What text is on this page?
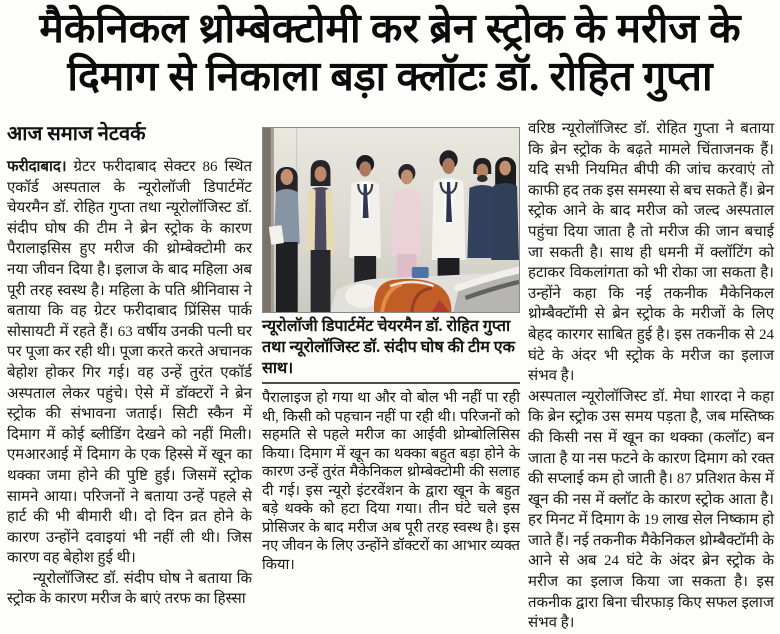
मैकेनिकल थ्रोम्बेक्टोमी कर ब्रेन स्ट्रोक के मरीज के
दिमाग से निकाला बड़ा क्लॉटः डॉ. रोहित गुप्ता
आज समाज नेटवर्क

फरीदाबाद। ग्रेटर फरीदाबाद सेक्टर 86 स्थित एकॉर्ड अस्पताल के न्यूरोलॉजी डिपार्टमेंट चेयरमैन डॉ. रोहित गुप्ता तथा न्यूरोलॉजिस्ट डॉ. संदीप घोष की टीम ने ब्रेन स्ट्रोक के कारण पैरालाइसिस हुए मरीज की थ्रोम्बेक्टोमी कर नया जीवन दिया है। इलाज के बाद महिला अब पूरी तरह स्वस्थ है। महिला के पति श्रीनिवास ने बताया कि वह ग्रेटर फरीदाबाद प्रिंसिस पार्क सोसायटी में रहते हैं। 63 वर्षीय उनकी पत्नी घर पर पूजा कर रही थी। पूजा करते करते अचानक बेहोश होकर गिर गई। वह उन्हें तुरंत एकॉर्ड अस्पताल लेकर पहुंचे। ऐसे में डॉक्टरों ने ब्रेन स्ट्रोक की संभावना जताई। सिटी स्कैन में दिमाग में कोई ब्लीडिंग देखने को नहीं मिली। एमआरआई में दिमाग के एक हिस्से में खून का थक्का जमा होने की पुष्टि हुई। जिसमें स्ट्रोक सामने आया। परिजनों ने बताया उन्हें पहले से हार्ट की भी बीमारी थी। दो दिन व्रत होने के कारण उन्होंने दवाइयां भी नहीं ली थी। जिस कारण वह बेहोश हुई थी।

न्यूरोलॉजिस्ट डॉ. संदीप घोष ने बताया कि स्ट्रोक के कारण मरीज के बाएं तरफ का हिस्सा

न्यूरोलॉजी डिपार्टमेंट चेयरमैन डॉ. रोहित गुप्ता तथा न्यूरोलॉजिस्ट डॉ. संदीप घोष की टीम एक साथ।

पैरालाइज हो गया था और वो बोल भी नहीं पा रही थी, किसी को पहचान नहीं पा रही थी। परिजनों को सहमति से पहले मरीज का आईवी थ्रोम्बोलिसिस किया। दिमाग में खून का थक्का बहुत बड़ा होने के कारण उन्हें तुरंत मैकेनिकल थ्रोम्बेक्टोमी की सलाह दी गई। इस न्यूरो इंटरवेंशन के द्वारा खून के बहुत बड़े थक्के को हटा दिया गया। तीन घंटे चले इस प्रोसिजर के बाद मरीज अब पूरी तरह स्वस्थ है। इस नए जीवन के लिए उन्होंने डॉक्टरों का आभार व्यक्त किया।

वरिष्ठ न्यूरोलॉजिस्ट डॉ. रोहित गुप्ता ने बताया कि ब्रेन स्ट्रोक के बढ़ते मामले चिंताजनक हैं। यदि सभी नियमित बीपी की जांच करवाएं तो काफी हद तक इस समस्या से बच सकते हैं। ब्रेन स्ट्रोक आने के बाद मरीज को जल्द अस्पताल पहुंचा दिया जाता है तो मरीज की जान बचाई जा सकती है। साथ ही धमनी में क्लॉटिंग को हटाकर विकलांगता को भी रोका जा सकता है। उन्होंने कहा कि नई तकनीक मैकेनिकल थ्रोम्बैक्टॉमी से ब्रेन स्ट्रोक के मरीजों के लिए बेहद कारगर साबित हुई है। इस तकनीक से 24 घंटे के अंदर भी स्ट्रोक के मरीज का इलाज संभव है।

अस्पताल न्यूरोलॉजिस्ट डॉ. मेघा शारदा ने कहा कि ब्रेन स्ट्रोक उस समय पड़ता है, जब मस्तिष्क की किसी नस में खून का थक्का (कलॉट) बन जाता है या नस फटने के कारण दिमाग को रक्त की सप्लाई कम हो जाती है। 87 प्रतिशत केस में खून की नस में क्लॉट के कारण स्ट्रोक आता है। हर मिनट में दिमाग के 19 लाख सेल निष्काम हो जाते हैं। नई तकनीक मैकेनिकल थ्रोम्बैक्टॉमी के आने से अब 24 घंटे के अंदर ब्रेन स्ट्रोक के मरीज का इलाज किया जा सकता है। इस तकनीक द्वारा बिना चीरफाड़ किए सफल इलाज संभव है।
